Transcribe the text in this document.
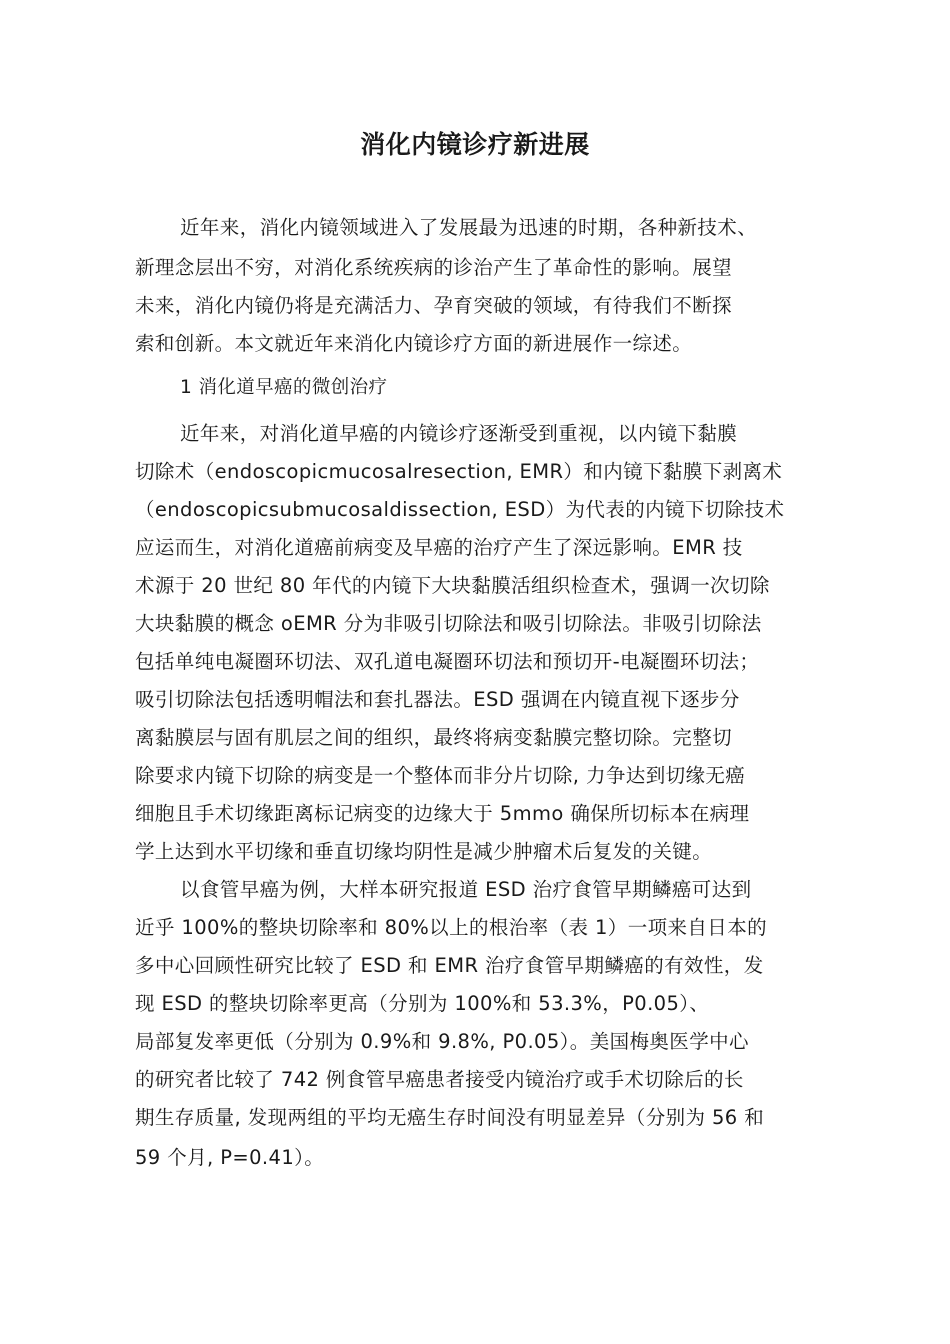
消化内镜诊疗新进展

近年来，消化内镜领域进入了发展最为迅速的时期，各种新技术、

新理念层出不穷，对消化系统疾病的诊治产生了革命性的影响。展望

未来，消化内镜仍将是充满活力、孕育突破的领域，有待我们不断探

索和创新。本文就近年来消化内镜诊疗方面的新进展作一综述。

1 消化道早癌的微创治疗

近年来，对消化道早癌的内镜诊疗逐渐受到重视，以内镜下黏膜

切除术（endoscopicmucosalresection, EMR）和内镜下黏膜下剥离术

（endoscopicsubmucosaldissection, ESD）为代表的内镜下切除技术

应运而生，对消化道癌前病变及早癌的治疗产生了深远影响。EMR 技

术源于 20 世纪 80 年代的内镜下大块黏膜活组织检查术，强调一次切除

大块黏膜的概念 oEMR 分为非吸引切除法和吸引切除法。非吸引切除法

包括单纯电凝圈环切法、双孔道电凝圈环切法和预切开-电凝圈环切法；

吸引切除法包括透明帽法和套扎器法。ESD 强调在内镜直视下逐步分

离黏膜层与固有肌层之间的组织，最终将病变黏膜完整切除。完整切

除要求内镜下切除的病变是一个整体而非分片切除, 力争达到切缘无癌

细胞且手术切缘距离标记病变的边缘大于 5mmo 确保所切标本在病理

学上达到水平切缘和垂直切缘均阴性是减少肿瘤术后复发的关键。

以食管早癌为例，大样本研究报道 ESD 治疗食管早期鳞癌可达到

近乎 100%的整块切除率和 80%以上的根治率（表 1）一项来自日本的

多中心回顾性研究比较了 ESD 和 EMR 治疗食管早期鳞癌的有效性，发

现 ESD 的整块切除率更高（分别为 100%和 53.3%，P0.05）、

局部复发率更低（分别为 0.9%和 9.8%, P0.05）。美国梅奥医学中心

的研究者比较了 742 例食管早癌患者接受内镜治疗或手术切除后的长

期生存质量, 发现两组的平均无癌生存时间没有明显差异（分别为 56 和

59 个月, P=0.41）。
